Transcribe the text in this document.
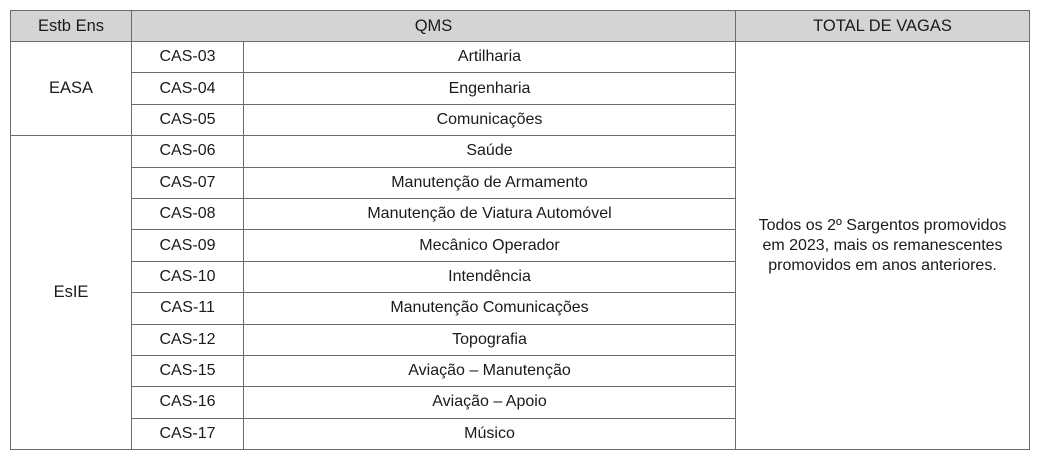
Estb Ens	QMS		TOTAL DE VAGAS
EASA	CAS-03	Artilharia	Todos os 2º Sargentos promovidos
em 2023, mais os remanescentes
promovidos em anos anteriores.

	CAS-04	Engenharia	
	CAS-05	Comunicações	
EsIE	CAS-06	Saúde	
	CAS-07	Manutenção de Armamento	
	CAS-08	Manutenção de Viatura Automóvel	
	CAS-09	Mecânico Operador	
	CAS-10	Intendência	
	CAS-11	Manutenção Comunicações	
	CAS-12	Topografia	
	CAS-15	Aviação – Manutenção	
	CAS-16	Aviação – Apoio	
	CAS-17	Músico	
